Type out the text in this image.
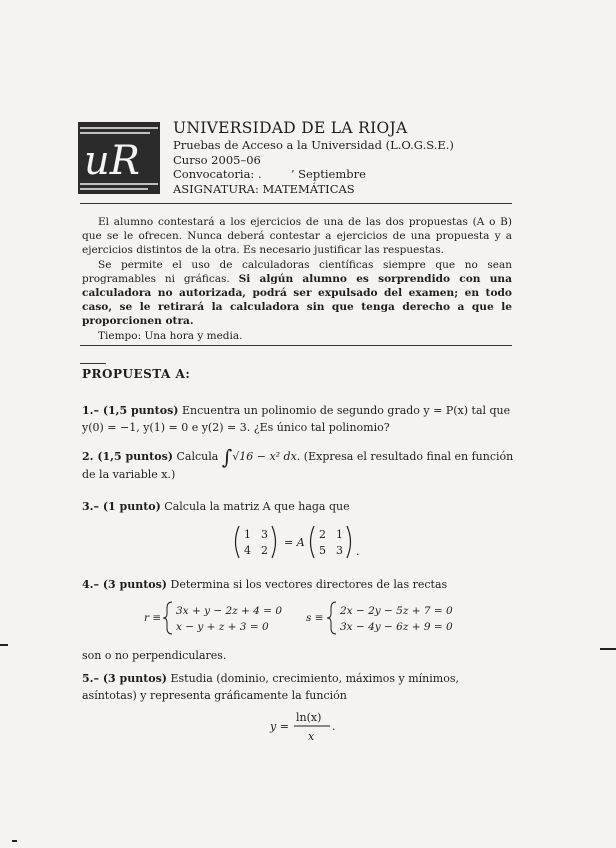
uR

UNIVERSIDAD DE LA RIOJA

Pruebas de Acceso a la Universidad (L.O.G.S.E.)

Curso 2005–06

Convocatoria: .        ’ Septiembre

ASIGNATURA: MATEMÁTICAS

El alumno contestará a los ejercicios de una de las dos propuestas (A o B) que se le ofrecen. Nunca deberá contestar a ejercicios de una propuesta y a ejercicios distintos de la otra. Es necesario justificar las respuestas.

Se permite el uso de calculadoras científicas siempre que no sean programables ni gráficas. Si algún alumno es sorprendido con una calculadora no autorizada, podrá ser expulsado del examen; en todo caso, se le retirará la calculadora sin que tenga derecho a que le proporcionen otra.

Tiempo: Una hora y media.

PROPUESTA A:
1.– (1,5 puntos) Encuentra un polinomio de segundo grado y = P(x) tal que y(0) = −1, y(1) = 0 e y(2) = 3. ¿Es único tal polinomio?
2. (1,5 puntos) Calcula ∫√16 − x² dx. (Expresa el resultado final en función de la variable x.)
3.– (1 punto) Calcula la matriz A que haga que
1 3
4 2
= A
2 1
5 3 .
4.– (3 puntos) Determina si los vectores directores de las rectas
r ≡
3x + y − 2z + 4 = 0
x − y + z + 3 = 0
s ≡
2x − 2y − 5z + 7 = 0
3x − 4y − 6z + 9 = 0
son o no perpendiculares.
5.– (3 puntos) Estudia (dominio, crecimiento, máximos y mínimos, asíntotas) y representa gráficamente la función
y =
ln(x)
x
.
